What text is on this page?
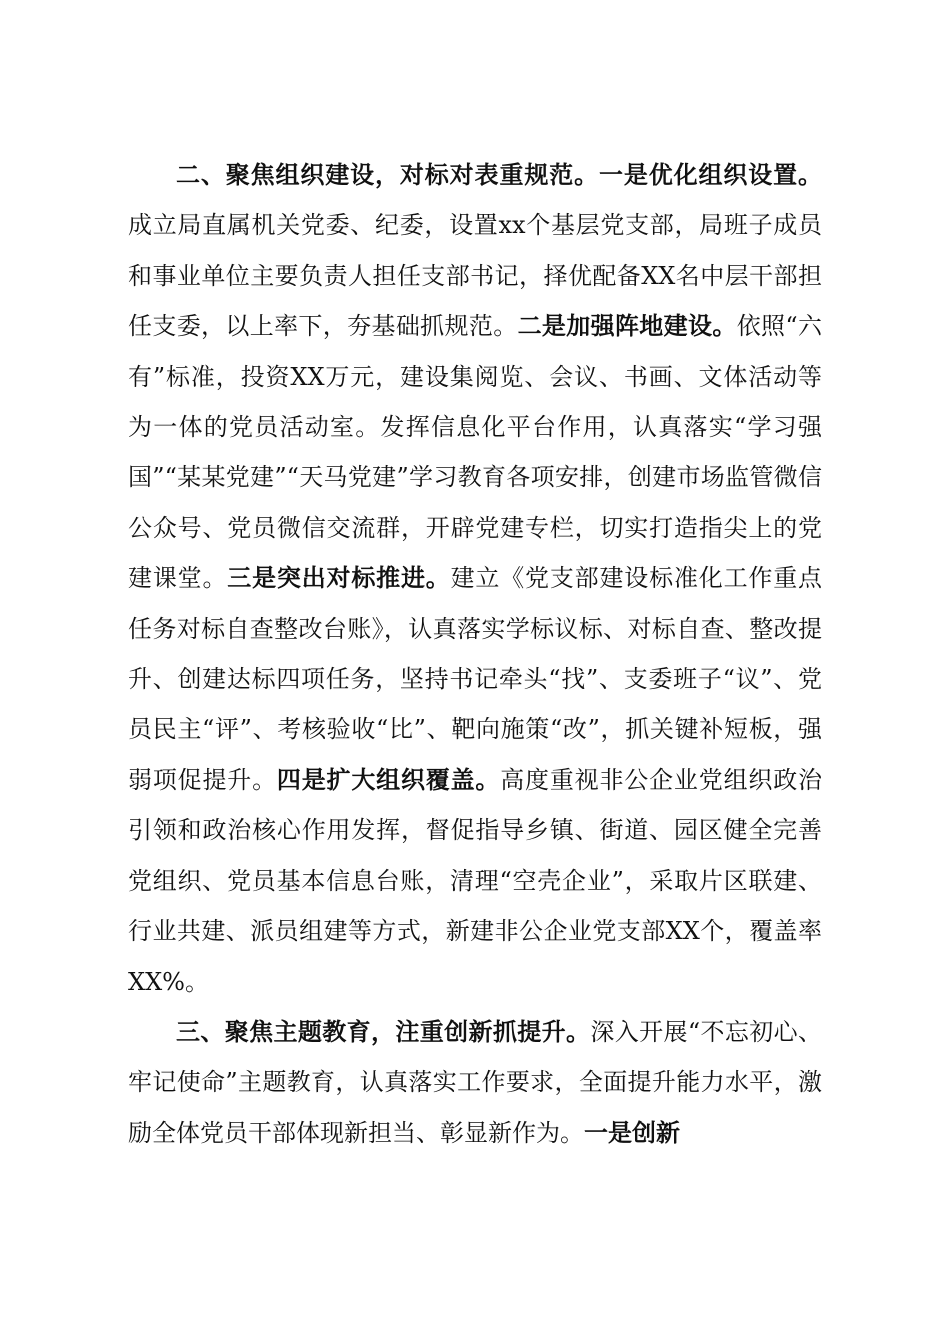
二、聚焦组织建设，对标对表重规范。一是优化组织设置。成立局直属机关党委、纪委，设置xx个基层党支部，局班子成员和事业单位主要负责人担任支部书记，择优配备XX名中层干部担任支委，以上率下，夯基础抓规范。二是加强阵地建设。依照“六有”标准，投资XX万元，建设集阅览、会议、书画、文体活动等为一体的党员活动室。发挥信息化平台作用，认真落实“学习强国”“某某党建”“天马党建”学习教育各项安排，创建市场监管微信公众号、党员微信交流群，开辟党建专栏，切实打造指尖上的党建课堂。三是突出对标推进。建立《党支部建设标准化工作重点任务对标自查整改台账》，认真落实学标议标、对标自查、整改提升、创建达标四项任务，坚持书记牵头“找”、支委班子“议”、党员民主“评”、考核验收“比”、靶向施策“改”，抓关键补短板，强弱项促提升。四是扩大组织覆盖。高度重视非公企业党组织政治引领和政治核心作用发挥，督促指导乡镇、街道、园区健全完善党组织、党员基本信息台账，清理“空壳企业”，采取片区联建、行业共建、派员组建等方式，新建非公企业党支部XX个，覆盖率XX%。

三、聚焦主题教育，注重创新抓提升。深入开展“不忘初心、牢记使命”主题教育，认真落实工作要求，全面提升能力水平，激励全体党员干部体现新担当、彰显新作为。一是创新
